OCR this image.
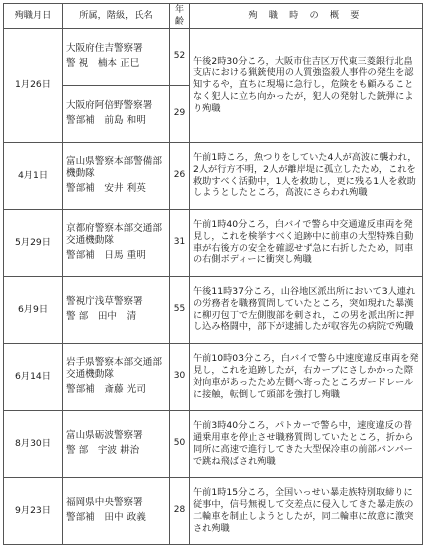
殉職月日	所属，階級，氏名	年齢	殉 職 時 の 概 要
1月26日	大阪府住吉警察署
警 視　楠本 正巳	52	午後2時30分ころ，大阪市住吉区万代東三菱銀行北畠支店における猟銃使用の人質強盗殺人事件の発生を認知するや，直ちに現場に急行し，危険をも顧みることなく犯人に立ち向かったが，犯人の発射した銃弾により殉職

	大阪府阿倍野警察署
警部補　前島 和明	29	
4月1日	富山県警察本部警備部機動隊
警部補　安井 利英	26	午前1時ころ，魚つりをしていた4人が高波に襲われ，2人が行方不明，2人が離岸堤に孤立したため，これを救助すべく活動中，1人を救助し，更に残る1人を救助しようとしたところ，高波にさらわれ殉職
5月29日	京都府警察本部交通部交通機動隊
警部補　日馬 重明	31	午前1時40分ころ，白バイで警ら中交通違反車両を発見し，これを検挙すべく追跡中に前車の大型特殊自動車が右後方の安全を確認せず急に右折したため，同車の右側ボディーに衝突し殉職
6月9日	警視庁浅草警察署
警 部　田中　清	55	午後11時37分ころ，山谷地区派出所において3人連れの労務者を職務質問していたところ，突如現れた暴漢に柳刃包丁で左側腹部を刺され，この男を派出所に押し込み格闘中，部下が逮捕したが収容先の病院で殉職
6月14日	岩手県警察本部交通部交通機動隊
警部補　斎藤 光司	30	午前10時03分ころ，白バイで警ら中速度違反車両を発見し，これを追跡したが，右カーブにさしかかった際対向車があったため左側へ寄ったところガードレールに接触，転倒して頭部を強打し殉職
8月30日	富山県砺波警察署
警 部　宇波 耕治	50	午前3時40分ころ，パトカーで警ら中，速度違反の普通乗用車を停止させ職務質問していたところ，折から同所に高速で進行してきた大型保冷車の前部バンパーで跳ね飛ばされ殉職
9月23日	福岡県中央警察署
警部補　田中 政義	28	午前1時15分ころ，全国いっせい暴走族特別取締りに従事中，信号無視して交差点に侵入してきた暴走族の二輪車を制止しようとしたが，同二輪車に故意に激突され殉職
